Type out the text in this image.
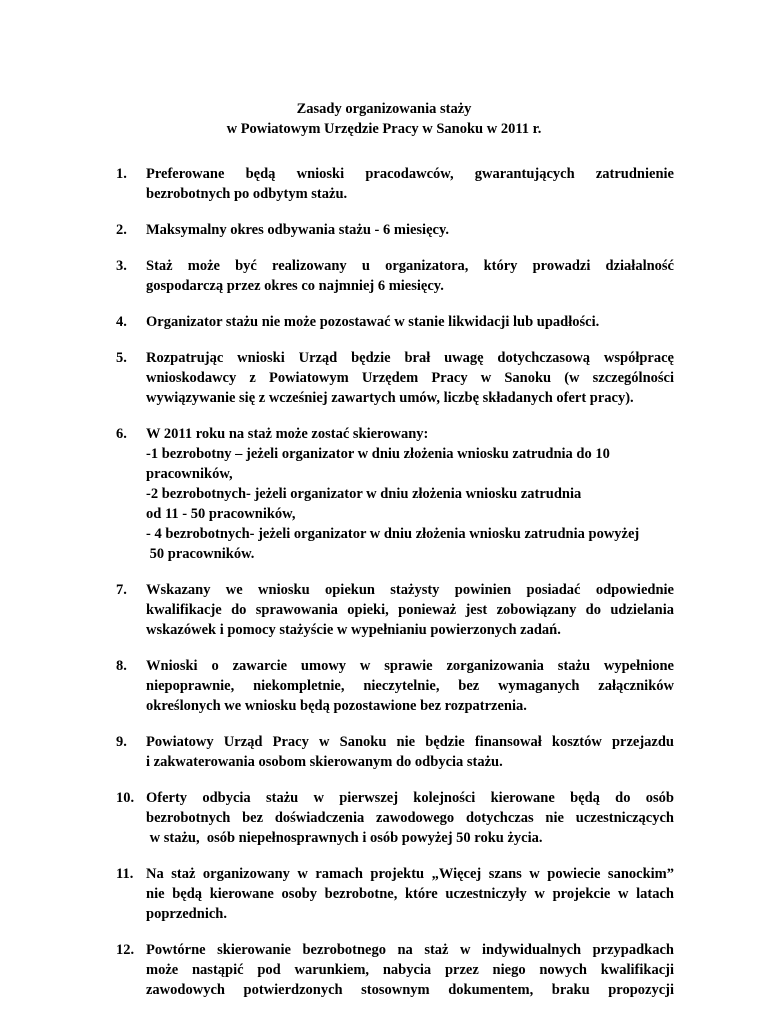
Zasady organizowania staży
w Powiatowym Urzędzie Pracy w Sanoku w 2011 r.
1. Preferowane będą wnioski pracodawców, gwarantujących zatrudnienie
bezrobotnych po odbytym stażu.
2. Maksymalny okres odbywania stażu - 6 miesięcy.
3. Staż może być realizowany u organizatora, który prowadzi działalność
gospodarczą przez okres co najmniej 6 miesięcy.
4. Organizator stażu nie może pozostawać w stanie likwidacji lub upadłości.
5. Rozpatrując wnioski Urząd będzie brał uwagę dotychczasową współpracę
wnioskodawcy z Powiatowym Urzędem Pracy w Sanoku (w szczególności
wywiązywanie się z wcześniej zawartych umów, liczbę składanych ofert pracy).
6. W 2011 roku na staż może zostać skierowany:
-1 bezrobotny – jeżeli organizator w dniu złożenia wniosku zatrudnia do 10
pracowników,
-2 bezrobotnych- jeżeli organizator w dniu złożenia wniosku zatrudnia
od 11 - 50 pracowników,
- 4 bezrobotnych- jeżeli organizator w dniu złożenia wniosku zatrudnia powyżej
50 pracowników.
7. Wskazany we wniosku opiekun stażysty powinien posiadać odpowiednie
kwalifikacje do sprawowania opieki, ponieważ jest zobowiązany do udzielania
wskazówek i pomocy stażyście w wypełnianiu powierzonych zadań.
8. Wnioski o zawarcie umowy w sprawie zorganizowania stażu wypełnione
niepoprawnie, niekompletnie, nieczytelnie, bez wymaganych załączników
określonych we wniosku będą pozostawione bez rozpatrzenia.
9. Powiatowy Urząd Pracy w Sanoku nie będzie finansował kosztów przejazdu
i zakwaterowania osobom skierowanym do odbycia stażu.
10. Oferty odbycia stażu w pierwszej kolejności kierowane będą do osób
bezrobotnych bez doświadczenia zawodowego dotychczas nie uczestniczących
w stażu,  osób niepełnosprawnych i osób powyżej 50 roku życia.
11. Na staż organizowany w ramach projektu „Więcej szans w powiecie sanockim”
nie będą kierowane osoby bezrobotne, które uczestniczyły w projekcie w latach
poprzednich.
12. Powtórne skierowanie bezrobotnego na staż w indywidualnych przypadkach
może nastąpić pod warunkiem, nabycia przez niego nowych kwalifikacji
zawodowych potwierdzonych stosownym dokumentem, braku propozycji
